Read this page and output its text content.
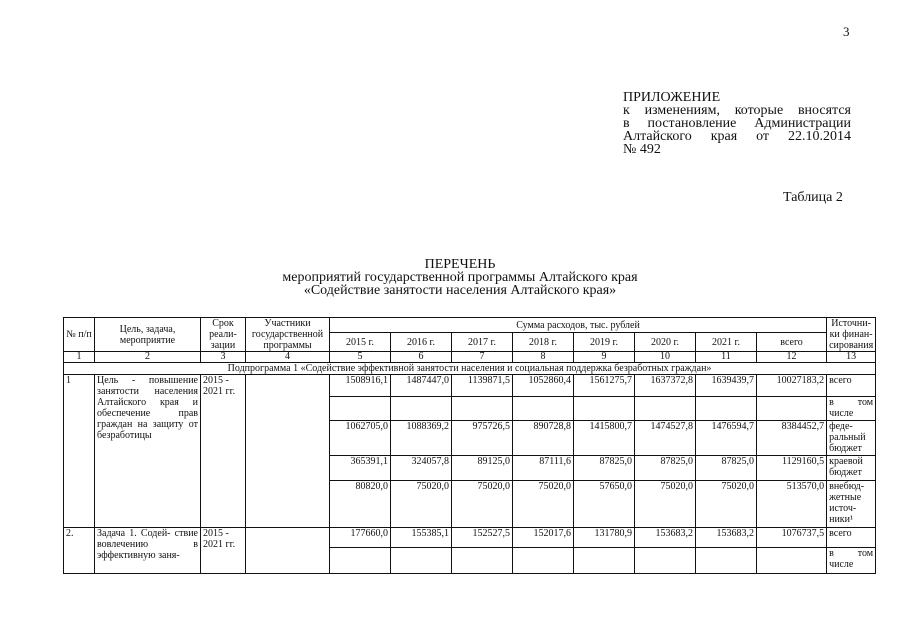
3
ПРИЛОЖЕНИЕ
к изменениям, которые вносятся
в постановление Администрации
Алтайского края от 22.10.2014
№ 492
Таблица 2
ПЕРЕЧЕНЬ
мероприятий государственной программы Алтайского края
«Содействие занятости населения Алтайского края»
№ п/п	Цель, задача, мероприятие	Срок реали- зации	Участники государственной программы	Сумма расходов, тыс. рублей								Источни- ки финан- сирования
				2015 г.	2016 г.	2017 г.	2018 г.	2019 г.	2020 г.	2021 г.	всего	
1	2	3	4	5	6	7	8	9	10	11	12	13
Подпрограмма 1 «Содействие эффективной занятости населения и социальная поддержка безработных граждан»												
1	Цель - повышение занятости населения Алтайского края и обеспечение прав граждан на защиту от безработицы	2015 - 2021 гг.		1508916,1	1487447,0	1139871,5	1052860,4	1561275,7	1637372,8	1639439,7	10027183,2	всего
												в том числе
				1062705,0	1088369,2	975726,5	890728,8	1415800,7	1474527,8	1476594,7	8384452,7	феде- ральный бюджет
				365391,1	324057,8	89125,0	87111,6	87825,0	87825,0	87825,0	1129160,5	краевой бюджет
				80820,0	75020,0	75020,0	75020,0	57650,0	75020,0	75020,0	513570,0	внебюд- жетные источ- ники¹
2.	Задача 1. Содей- ствие вовлечению в эффективную заня-	2015 - 2021 гг.		177660,0	155385,1	152527,5	152017,6	131780,9	153683,2	153683,2	1076737,5	всего
												в том числе
